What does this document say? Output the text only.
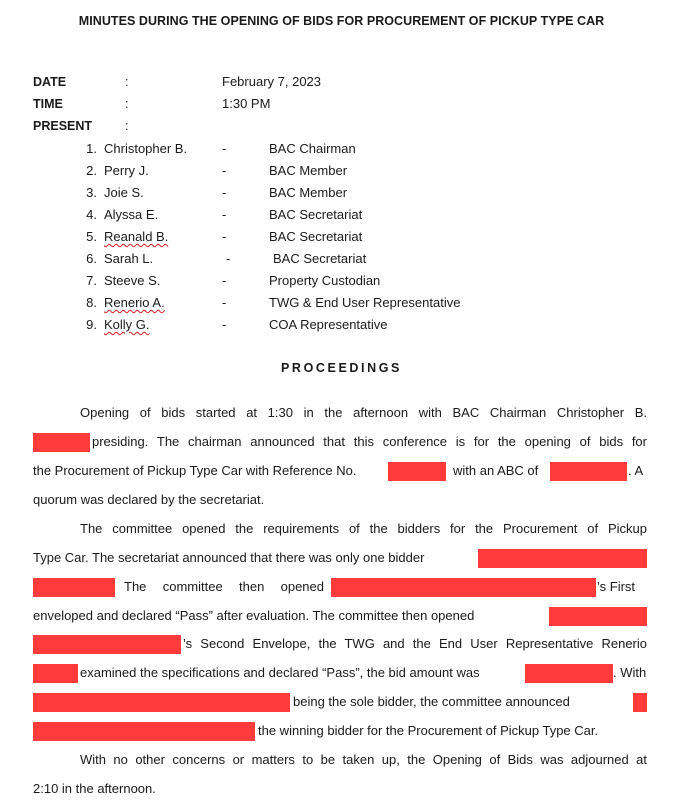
MINUTES DURING THE OPENING OF BIDS FOR PROCUREMENT OF PICKUP TYPE CAR
DATE	:	February 7, 2023
TIME	:	1:30 PM
PRESENT	:
1. Christopher B.	-	BAC Chairman
2. Perry J.	-	BAC Member
3. Joie S.	-	BAC Member
4. Alyssa E.	-	BAC Secretariat
5. Reanald B.	-	BAC Secretariat
6. Sarah L.	-	BAC Secretariat
7. Steeve S.	-	Property Custodian
8. Renerio A.	-	TWG & End User Representative
9. Kolly G.	-	COA Representative
PROCEEDINGS
Opening of bids started at 1:30 in the afternoon with BAC Chairman Christopher B.
presiding. The chairman announced that this conference is for the opening of bids for
the Procurement of Pickup Type Car with Reference No.	with an ABC of	. A
quorum was declared by the secretariat.
The committee opened the requirements of the bidders for the Procurement of Pickup
Type Car. The secretariat announced that there was only one bidder
The committee then opened	’s First
enveloped and declared “Pass” after evaluation. The committee then opened
’s Second Envelope, the TWG and the End User Representative Renerio
examined the specifications and declared “Pass”, the bid amount was	. With
being the sole bidder, the committee announced
the winning bidder for the Procurement of Pickup Type Car.
With no other concerns or matters to be taken up, the Opening of Bids was adjourned at
2:10 in the afternoon.
